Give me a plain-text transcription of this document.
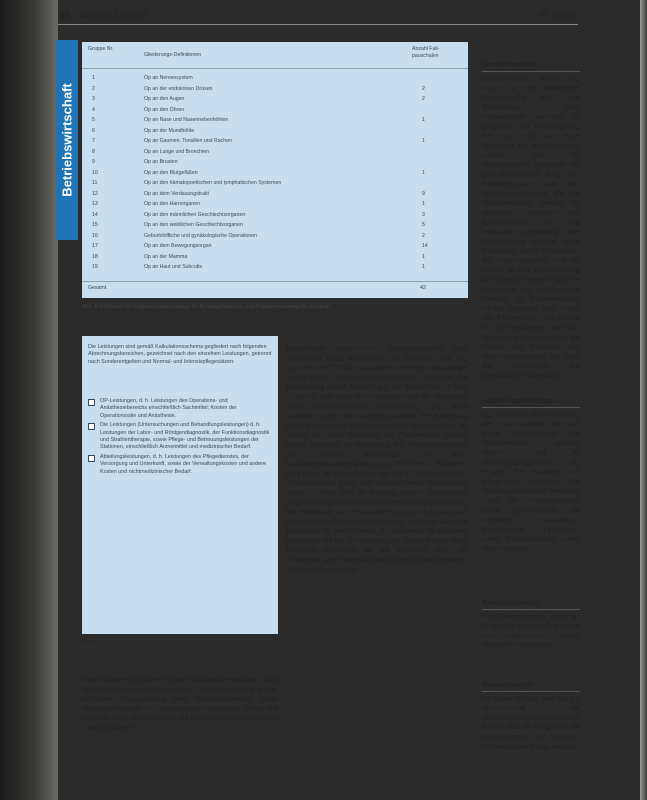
90 intensiv 2 (1996)	R. Hagen
Betriebswirtschaft
Gruppe Nr.
Gliederungs-Definitionen
Anzahl Fall-pauschalen
1	Op an Nervensystem
2	Op an der endokrinen Drüsen	2
3	Op an den Augen	2
4	Op an den Ohren
5	Op an Nase und Nasennebenhöhlen	1
6	Op an der Mundhöhle
7	Op an Gaumen, Tonsillen und Rachen	1
8	Op an Lunge und Bronchien
9	Op an Brusten
10	Op an den Blutgefäßen	1
11	Op an den hämatopoetischen und lymphatischen Systemen
12	Op an dem Verdauungstrakt	9
13	Op an den Harnorganen	1
14	Op an den männlichen Geschlechtsorganen	3
15	Op an den weiblichen Geschlechtsorganen	5
16	Geburtshilfliche und gynäkologische Operationen	2
17	Op an dem Bewegungsorgan	14
18	Op an der Mamma	1
19	Op an Haut und Subcutis	1
Gesamt	42
Abb. 6 Schlüssel des Fallpauschalenkatalogs für Bundespflegesatz- und Krankenhausentgelte (Auszug).
Die Leistungen sind gemäß Kalkulationsschema gegliedert nach folgenden Abrechnungsbereichen, gezeichnet nach den einzelnen Leistungen, getrennt nach Sonderentgelten und Normal- und Intensivpflegesätzen:
OP-Leistungen, d. h. Leistungen des Operations- und Anästhesiebereichs einschließlich Sachmittel; Kosten der Operationssäle und Anästhesie.
Die Leistungen (Untersuchungen und Behandlungsleistungen) d. h. Leistungen der Labor- und Röntgendiagnostik, der Funktionsdiagnostik und Strahlentherapie, sowie Pflege- und Betreuungsleistungen der Stationen, einschließlich Arzneimittel und medizinischer Bedarf.
Abteilungsleistungen, d. h. Leistungen des Pflegedienstes, der Versorgung und Unterkunft, sowie der Verwaltungskosten und andere Kosten und nichtmedizinischer Bedarf.
Abb. 7

Diese Minuten-/DM-Werte für die Funktionsdienste waren 1994 Anlaß für kontroverse Diskussionen, da sich die Werte an der tariflichen Eingruppierung einer Krankenschwester (einer Stationspflegekraft) im Funktionsdienst orientieren sollten und nicht wie in der Diskussion um die Fallpauschalen aufgeworfen – an den Jahres-

Bruttolöhnen (tatsächlicher Arbeitgeberanteil) einer Arzthelferin eines Arzthelfers. Die Differenz liegt hier zwischen DM 12.000,– Krankenschwester/Krankenpfleger zu DM 62.000,– Arzthelferin = DM 10.000,– Planstelle. Die Begründung dieser Ansätze aus der Ärzteschaft ist darin zu sehen, daß diese im Praxisalltag viele der Tätigkeiten einer Krankenschwester übernehmen und somit qualifiziert seien. Berechnungsgrundlage der Bewertung eines pflegerischen Arbeitsplatzes im Funktionsdienst lag damals mit einer Vorlegung der Personalzahl. Daraus heraus bedeuten die Bewertung der Stationsschwestern mit 70.000,– Planstellen und einer Nachtbereitschaftsvergütung von DM 2.000,– Planstelle. Dies führte zu einem Betrag von DM 72.000,– Planstelle. Zu bedenken ist gleich, daß aufgrund dieser Vereinbarung sicher im Jahre 1996 die Neigung besteht, überwiegend jüngere, ledige und somit preiswertere Kräfte einzustellen. Die Arbeitszeit- und Personalberechnung ist ein wichtiger Bestandteil der Kostenträgerrechnung, auf deren Basis die Kalkulation für einen Bereich. Es beschreibt die einzelnen Leistungen mit der Schlüsselung der Gesamtkosten eines Betriebes (Abteilung) auf die einzelnen Arten der Leistungen unter Verteilung und Erfassung von einzelnen Arten der Kosten, etwa.

Sonderentgelte

Sonderentgelte treffen zu, wenn für ein bestimmtes Krankheitsbild oder eine Behandlung keine Fallpauschalen vorliegen. Im Gegensatz zur Fallpauschale, die den Fall von einer Aufnahme bis zur Entlassung umfaßt, sind die Sonderentgelte gekoppelt mit den Pflegesätzen durch den Basispflegesatz und den Abteilungspflegesatz. Mit den Sonderentgelten werden die gesamten Leistungen des Krankenhauses für eine bestimmte Behandlung oder Untersuchung vergütet, durch Ergänzung durch Pflegesätze. Bei Sonderentgelten sind die Kosten für eine Sonderleistung aus dem OP-Bereich und die Leistungen des medizinischen Dienstes im Zusammenhang mit der Operation dem Zweck des Pflegesatzes. Die Anteile der OP-Leistungen sowie der Versorgung werden sowohl die Kosten der Patienten den Abteilungspflegesatz als auch die Leistungen zur medizinischen Abteilung.

Abteilungspflegesatz

Zur Vergütung der Leistungen des Krankenhauses, die nicht durch Fallpauschalen und Sonderentgelte vergütet werden, gibt es Abteilungspflegesätze als Entgelt für ärztliche und pflegerische Leistungen. Der Abteilungspflegesatz beinhaltet somit die Abteilungskosten sowie Sonderentgelte, die allgemein medizinisch-pflegerischen Leistungen, sowie Betriebsinternen sowie Sachleistungen.

Basispflegesatz

Der Basispflegesatz dient als Entgelt für nicht durch ärztliche oder pflegerische Tätigkeit veranlaßte Leistungen.

Auswirkungen

Mit dieser Reform wird ein zur Verbesserung der Wirtschaftlichkeit hin unter dem Aspekt, daß die Pflege und die Intensivmedizin die Patienten mit besonderer Pflege wendet.
